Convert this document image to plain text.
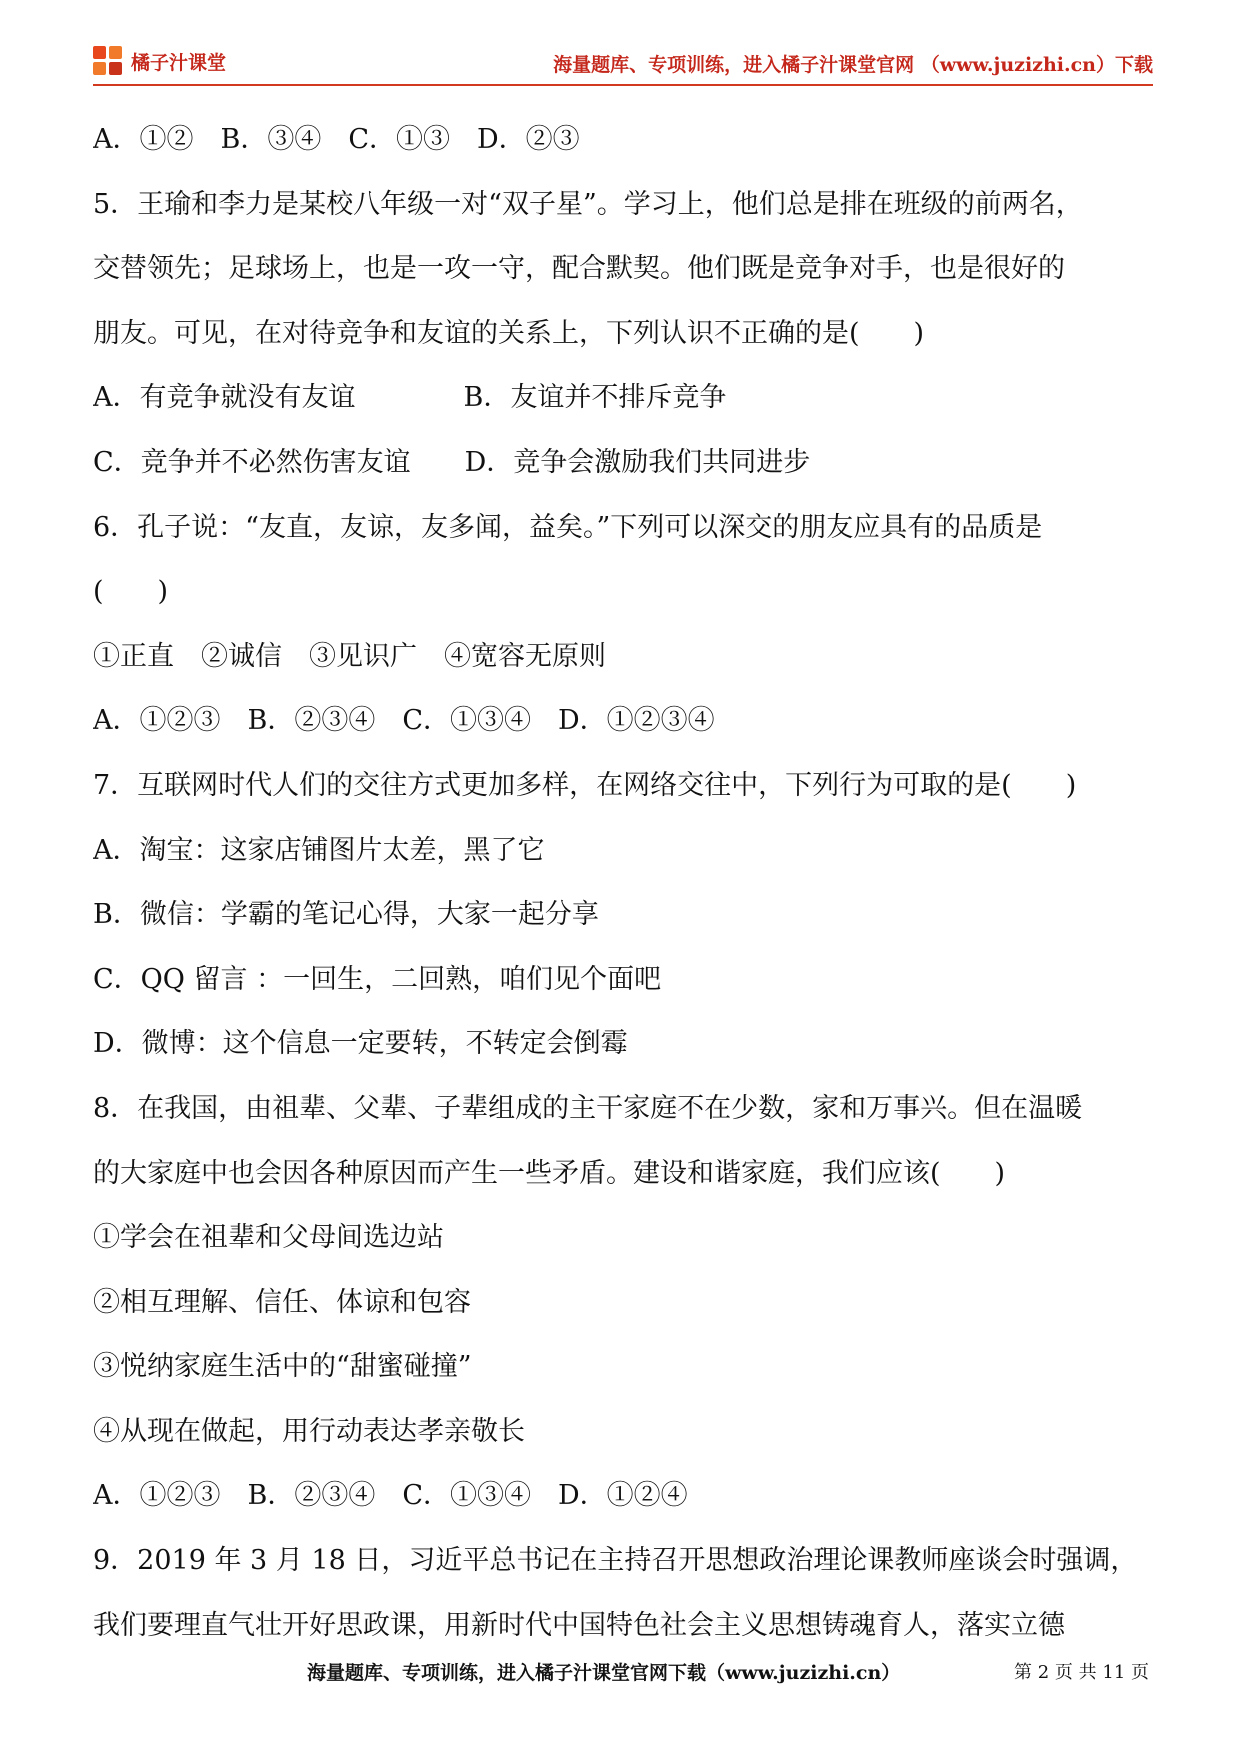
橘子汁课堂	海量题库、专项训练，进入橘子汁课堂官网 （www.juzizhi.cn）下载
A．①②　B．③④　C．①③　D．②③
5．王瑜和李力是某校八年级一对“双子星”。学习上，他们总是排在班级的前两名，
交替领先；足球场上，也是一攻一守，配合默契。他们既是竞争对手，也是很好的
朋友。可见，在对待竞争和友谊的关系上，下列认识不正确的是(　　)
A．有竞争就没有友谊　　　　B．友谊并不排斥竞争
C．竞争并不必然伤害友谊　　D．竞争会激励我们共同进步
6．孔子说：“友直，友谅，友多闻，益矣。”下列可以深交的朋友应具有的品质是
(　　)
①正直　②诚信　③见识广　④宽容无原则
A．①②③　B．②③④　C．①③④　D．①②③④
7．互联网时代人们的交往方式更加多样，在网络交往中，下列行为可取的是(　　)
A．淘宝：这家店铺图片太差，黑了它
B．微信：学霸的笔记心得，大家一起分享
C．QQ 留言 ：一回生，二回熟，咱们见个面吧
D．微博：这个信息一定要转，不转定会倒霉
8．在我国，由祖辈、父辈、子辈组成的主干家庭不在少数，家和万事兴。但在温暖
的大家庭中也会因各种原因而产生一些矛盾。建设和谐家庭，我们应该(　　)
①学会在祖辈和父母间选边站
②相互理解、信任、体谅和包容
③悦纳家庭生活中的“甜蜜碰撞”
④从现在做起，用行动表达孝亲敬长
A．①②③　B．②③④　C．①③④　D．①②④
9．2019 年 3 月 18 日，习近平总书记在主持召开思想政治理论课教师座谈会时强调，
我们要理直气壮开好思政课，用新时代中国特色社会主义思想铸魂育人，落实立德
海量题库、专项训练，进入橘子汁课堂官网下载（www.juzizhi.cn）	第 2 页 共 11 页
